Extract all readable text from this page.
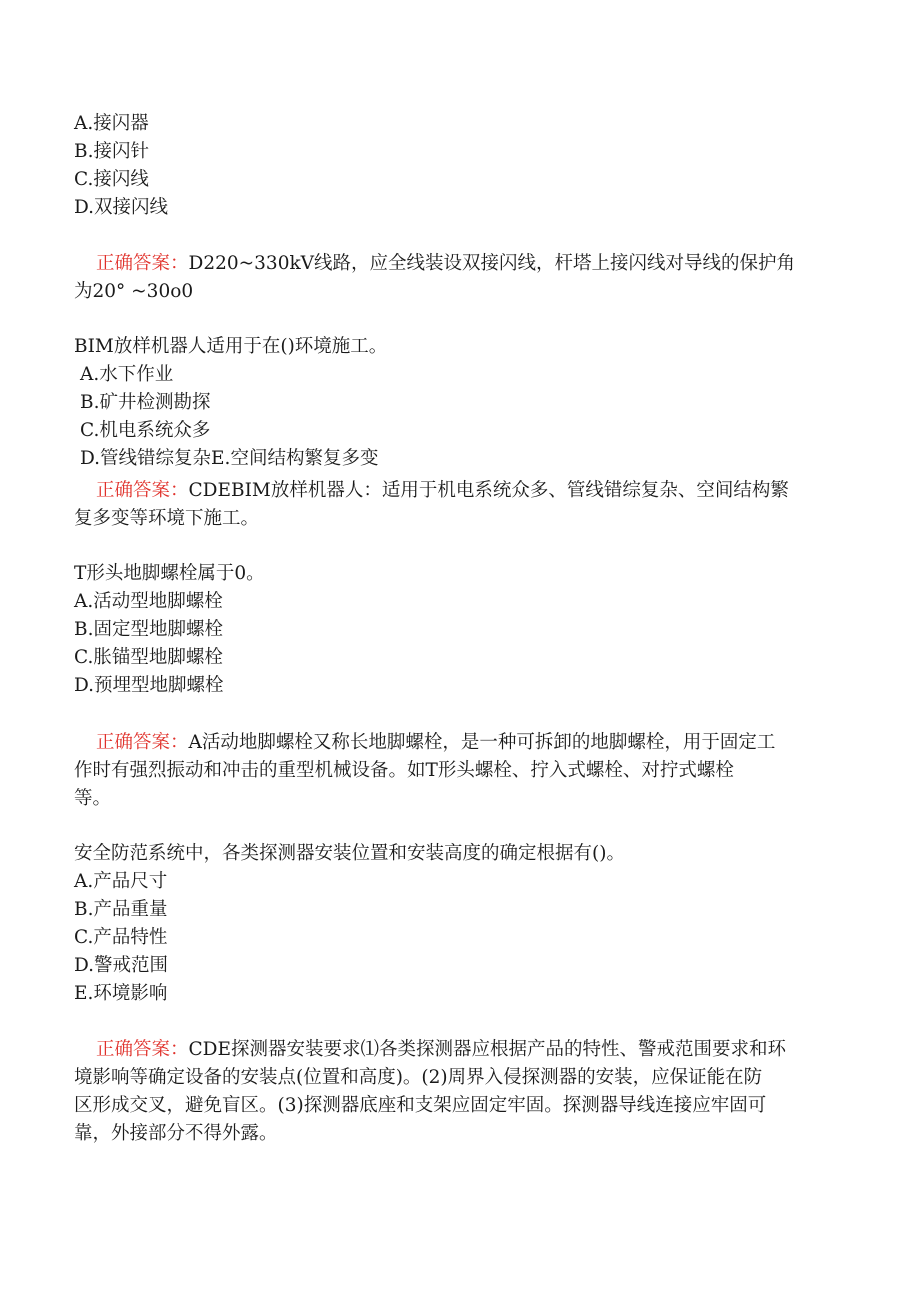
A.接闪器
B.接闪针
C.接闪线
D.双接闪线
正确答案：D220~330kV线路，应全线装设双接闪线，杆塔上接闪线对导线的保护角
为20° ~30o0
BIM放样机器人适用于在()环境施工。
A.水下作业
B.矿井检测勘探
C.机电系统众多
D.管线错综复杂E.空间结构繁复多变
正确答案：CDEBIM放样机器人：适用于机电系统众多、管线错综复杂、空间结构繁
复多变等环境下施工。
T形头地脚螺栓属于0。
A.活动型地脚螺栓
B.固定型地脚螺栓
C.胀锚型地脚螺栓
D.预埋型地脚螺栓
正确答案：A活动地脚螺栓又称长地脚螺栓，是一种可拆卸的地脚螺栓，用于固定工
作时有强烈振动和冲击的重型机械设备。如T形头螺栓、拧入式螺栓、对拧式螺栓
等。
安全防范系统中，各类探测器安装位置和安装高度的确定根据有()。
A.产品尺寸
B.产品重量
C.产品特性
D.警戒范围
E.环境影响
正确答案：CDE探测器安装要求⑴各类探测器应根据产品的特性、警戒范围要求和环
境影响等确定设备的安装点(位置和高度)。(2)周界入侵探测器的安装，应保证能在防
区形成交叉，避免盲区。(3)探测器底座和支架应固定牢固。探测器导线连接应牢固可
靠，外接部分不得外露。
